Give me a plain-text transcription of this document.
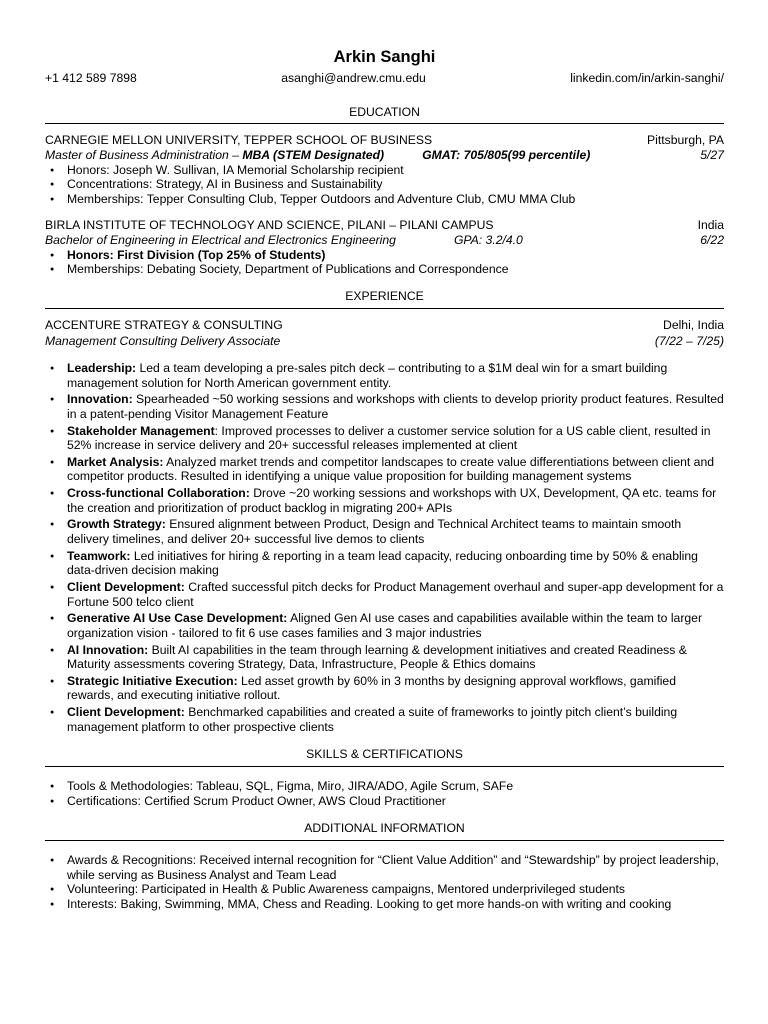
Arkin Sanghi
+1 412 589 7898	asanghi@andrew.cmu.edu	linkedin.com/in/arkin-sanghi/
EDUCATION
CARNEGIE MELLON UNIVERSITY, TEPPER SCHOOL OF BUSINESS	Pittsburgh, PA
Master of Business Administration – MBA (STEM Designated)	GMAT: 705/805(99 percentile)	5/27
● Honors: Joseph W. Sullivan, IA Memorial Scholarship recipient
● Concentrations: Strategy, AI in Business and Sustainability
● Memberships: Tepper Consulting Club, Tepper Outdoors and Adventure Club, CMU MMA Club
BIRLA INSTITUTE OF TECHNOLOGY AND SCIENCE, PILANI – PILANI CAMPUS	India
Bachelor of Engineering in Electrical and Electronics Engineering	GPA: 3.2/4.0	6/22
● Honors: First Division (Top 25% of Students)
● Memberships: Debating Society, Department of Publications and Correspondence
EXPERIENCE
ACCENTURE STRATEGY & CONSULTING	Delhi, India
Management Consulting Delivery Associate	(7/22 – 7/25)
● Leadership: Led a team developing a pre-sales pitch deck – contributing to a $1M deal win for a smart building management solution for North American government entity.
● Innovation: Spearheaded ~50 working sessions and workshops with clients to develop priority product features. Resulted in a patent-pending Visitor Management Feature
● Stakeholder Management: Improved processes to deliver a customer service solution for a US cable client, resulted in 52% increase in service delivery and 20+ successful releases implemented at client
● Market Analysis: Analyzed market trends and competitor landscapes to create value differentiations between client and competitor products. Resulted in identifying a unique value proposition for building management systems
● Cross-functional Collaboration: Drove ~20 working sessions and workshops with UX, Development, QA etc. teams for the creation and prioritization of product backlog in migrating 200+ APIs
● Growth Strategy: Ensured alignment between Product, Design and Technical Architect teams to maintain smooth delivery timelines, and deliver 20+ successful live demos to clients
● Teamwork: Led initiatives for hiring & reporting in a team lead capacity, reducing onboarding time by 50% & enabling data-driven decision making
● Client Development: Crafted successful pitch decks for Product Management overhaul and super-app development for a Fortune 500 telco client
● Generative AI Use Case Development: Aligned Gen AI use cases and capabilities available within the team to larger organization vision - tailored to fit 6 use cases families and 3 major industries
● AI Innovation: Built AI capabilities in the team through learning & development initiatives and created Readiness & Maturity assessments covering Strategy, Data, Infrastructure, People & Ethics domains
● Strategic Initiative Execution: Led asset growth by 60% in 3 months by designing approval workflows, gamified rewards, and executing initiative rollout.
● Client Development: Benchmarked capabilities and created a suite of frameworks to jointly pitch client’s building management platform to other prospective clients
SKILLS & CERTIFICATIONS
● Tools & Methodologies: Tableau, SQL, Figma, Miro, JIRA/ADO, Agile Scrum, SAFe
● Certifications: Certified Scrum Product Owner, AWS Cloud Practitioner
ADDITIONAL INFORMATION
● Awards & Recognitions: Received internal recognition for “Client Value Addition” and “Stewardship” by project leadership, while serving as Business Analyst and Team Lead
● Volunteering: Participated in Health & Public Awareness campaigns, Mentored underprivileged students
● Interests: Baking, Swimming, MMA, Chess and Reading. Looking to get more hands-on with writing and cooking
